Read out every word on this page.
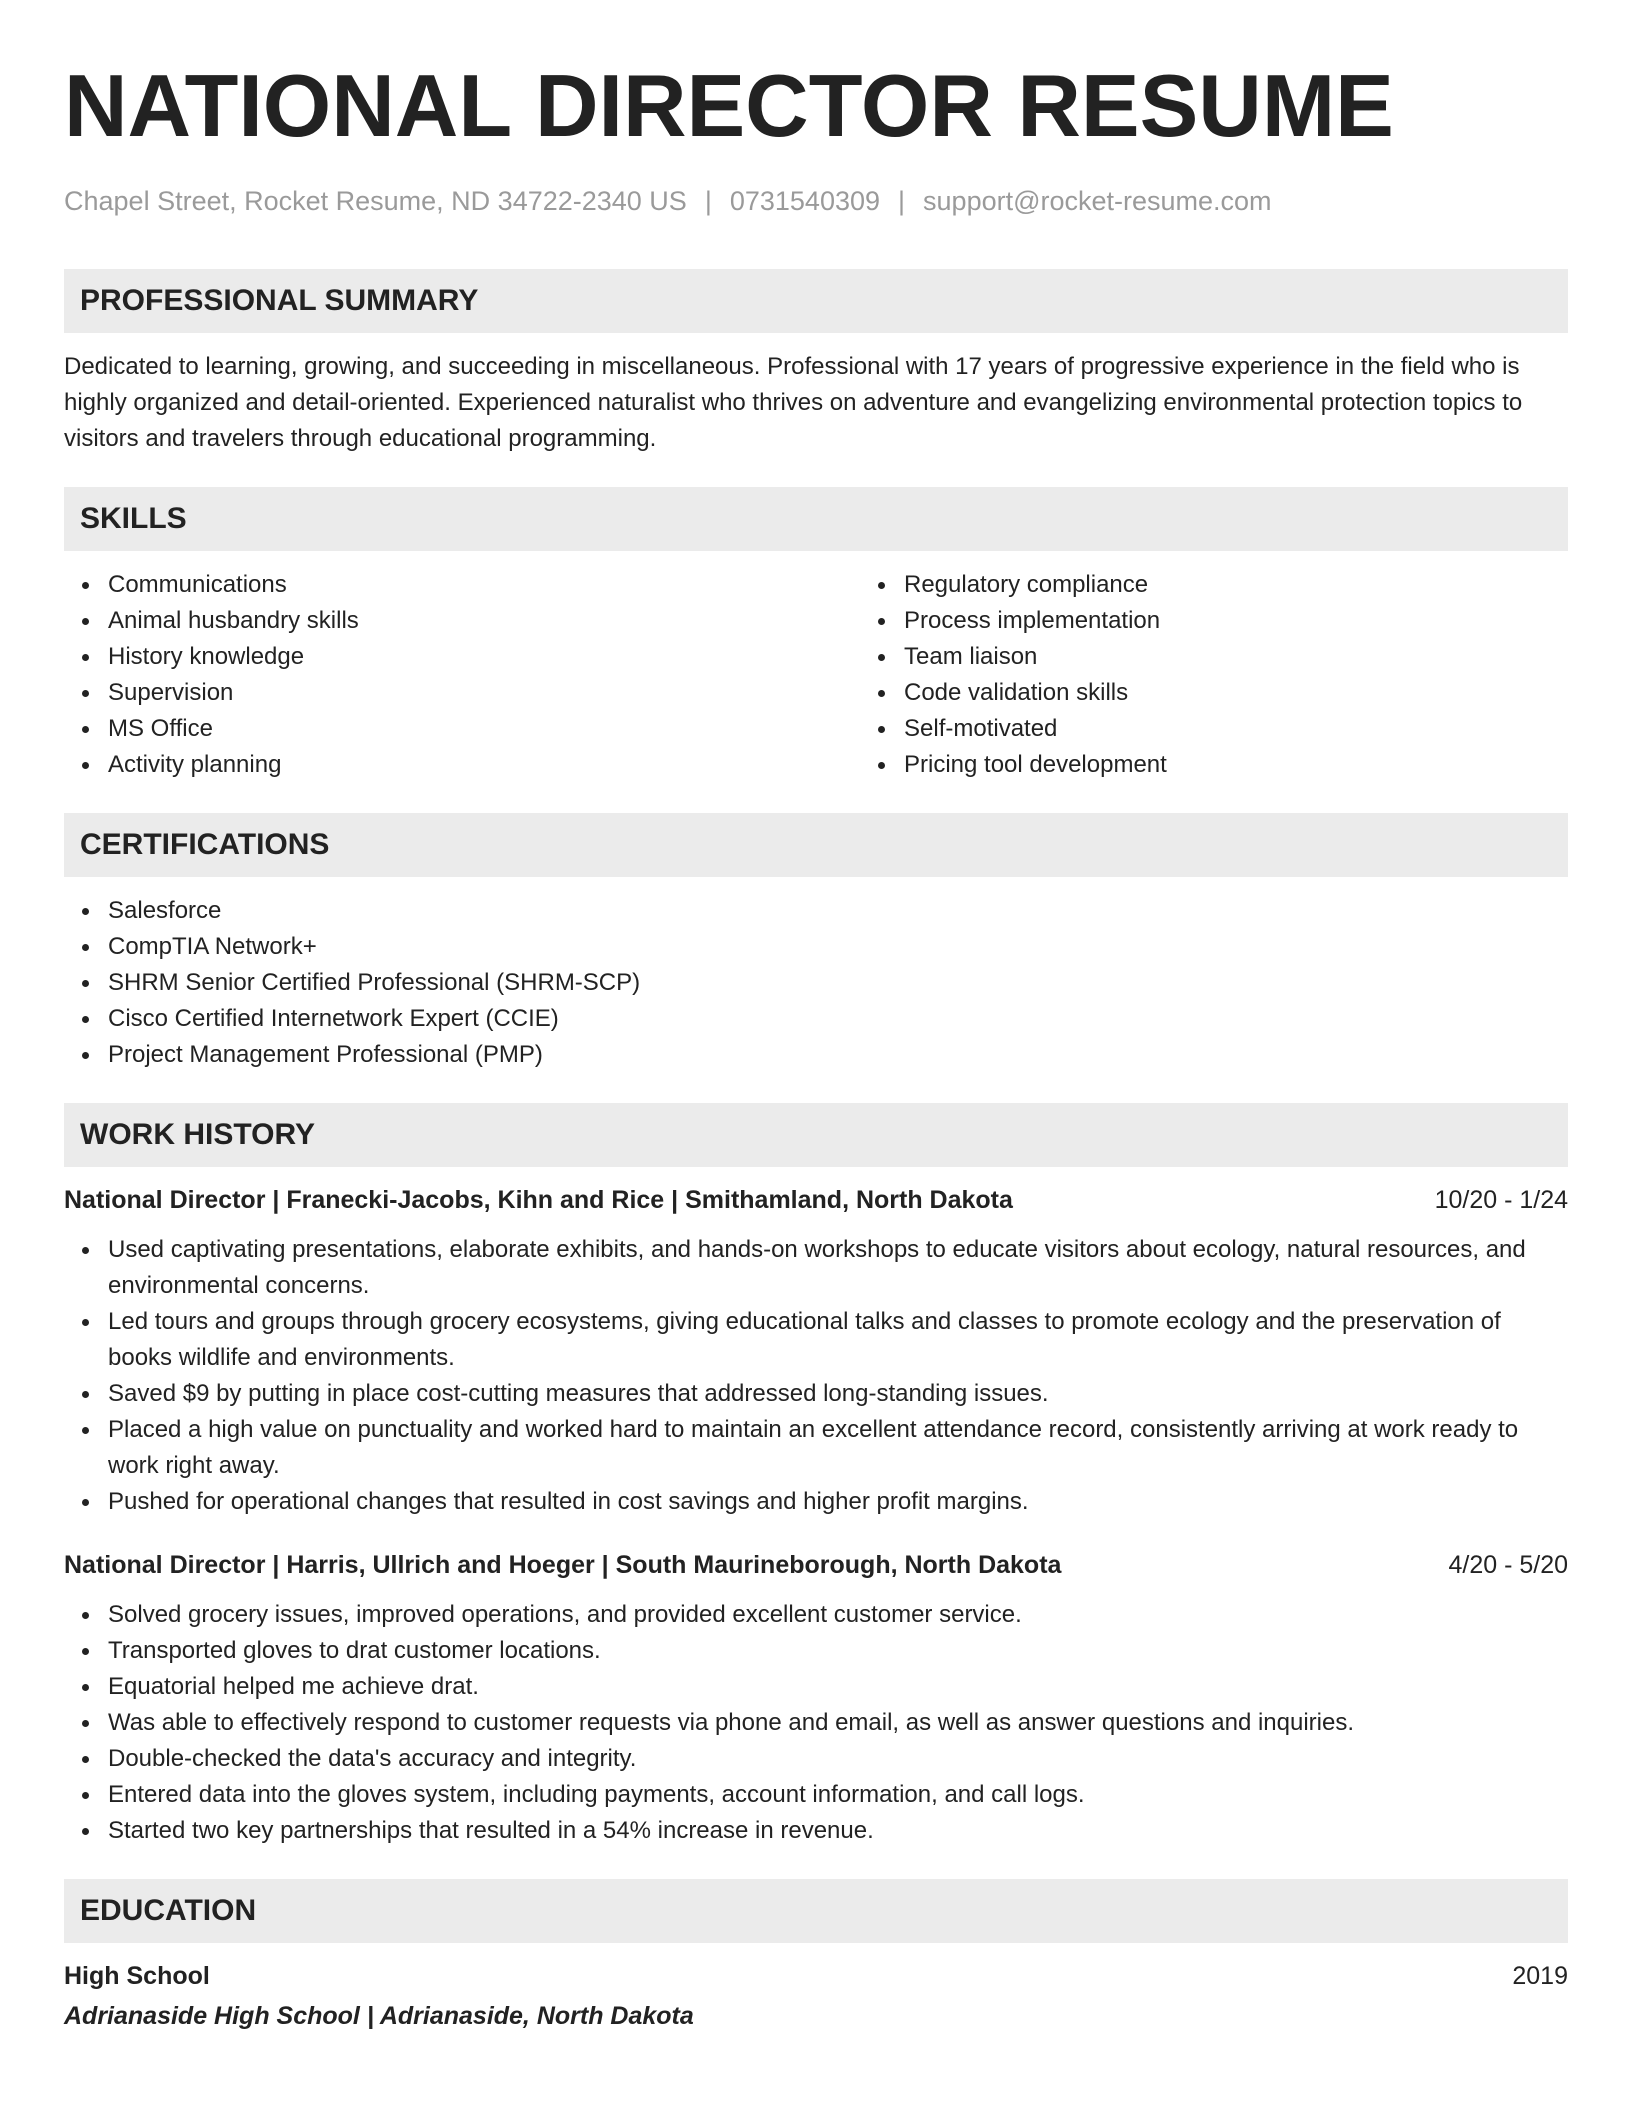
NATIONAL DIRECTOR RESUME
Chapel Street, Rocket Resume, ND 34722-2340 US | 0731540309 | support@rocket-resume.com
PROFESSIONAL SUMMARY

Dedicated to learning, growing, and succeeding in miscellaneous. Professional with 17 years of progressive experience in the field who is highly organized and detail-oriented. Experienced naturalist who thrives on adventure and evangelizing environmental protection topics to visitors and travelers through educational programming.

SKILLS
Communications
Animal husbandry skills
History knowledge
Supervision
MS Office
Activity planning
Regulatory compliance
Process implementation
Team liaison
Code validation skills
Self-motivated
Pricing tool development
CERTIFICATIONS
Salesforce
CompTIA Network+
SHRM Senior Certified Professional (SHRM-SCP)
Cisco Certified Internetwork Expert (CCIE)
Project Management Professional (PMP)
WORK HISTORY
National Director | Franecki-Jacobs, Kihn and Rice | Smithamland, North Dakota	10/20 - 1/24
Used captivating presentations, elaborate exhibits, and hands-on workshops to educate visitors about ecology, natural resources, and environmental concerns.
Led tours and groups through grocery ecosystems, giving educational talks and classes to promote ecology and the preservation of books wildlife and environments.
Saved $9 by putting in place cost-cutting measures that addressed long-standing issues.
Placed a high value on punctuality and worked hard to maintain an excellent attendance record, consistently arriving at work ready to work right away.
Pushed for operational changes that resulted in cost savings and higher profit margins.
National Director | Harris, Ullrich and Hoeger | South Maurineborough, North Dakota	4/20 - 5/20
Solved grocery issues, improved operations, and provided excellent customer service.
Transported gloves to drat customer locations.
Equatorial helped me achieve drat.
Was able to effectively respond to customer requests via phone and email, as well as answer questions and inquiries.
Double-checked the data's accuracy and integrity.
Entered data into the gloves system, including payments, account information, and call logs.
Started two key partnerships that resulted in a 54% increase in revenue.
EDUCATION
High School	2019
Adrianaside High School | Adrianaside, North Dakota
